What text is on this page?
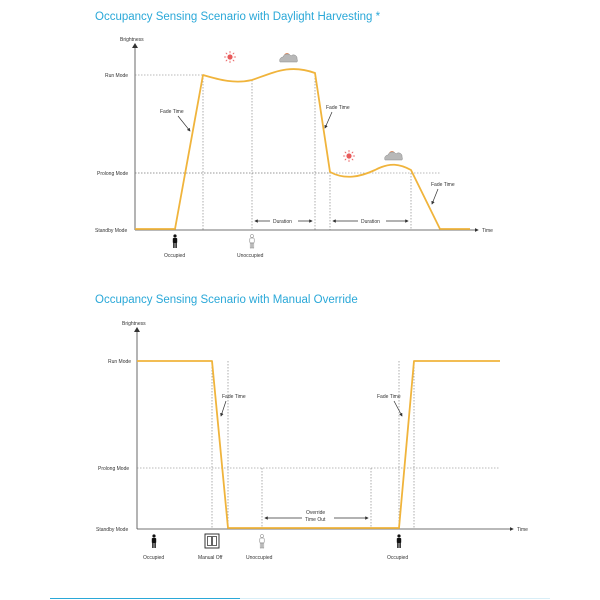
Occupancy Sensing Scenario with Daylight Harvesting *
Occupancy Sensing Scenario with Manual Override
Brightness
Time
Run Mode
Prolong Mode
Standby Mode
Duration	Duration
Fade Time
Fade Time
Fade Time
Occupied	Unoccupied
Brightness
Time
Run Mode
Prolong Mode
Standby Mode
Override
Time Out
Fade Time	Fade Time
Occupied	Manual Off	Unoccupied	Occupied
